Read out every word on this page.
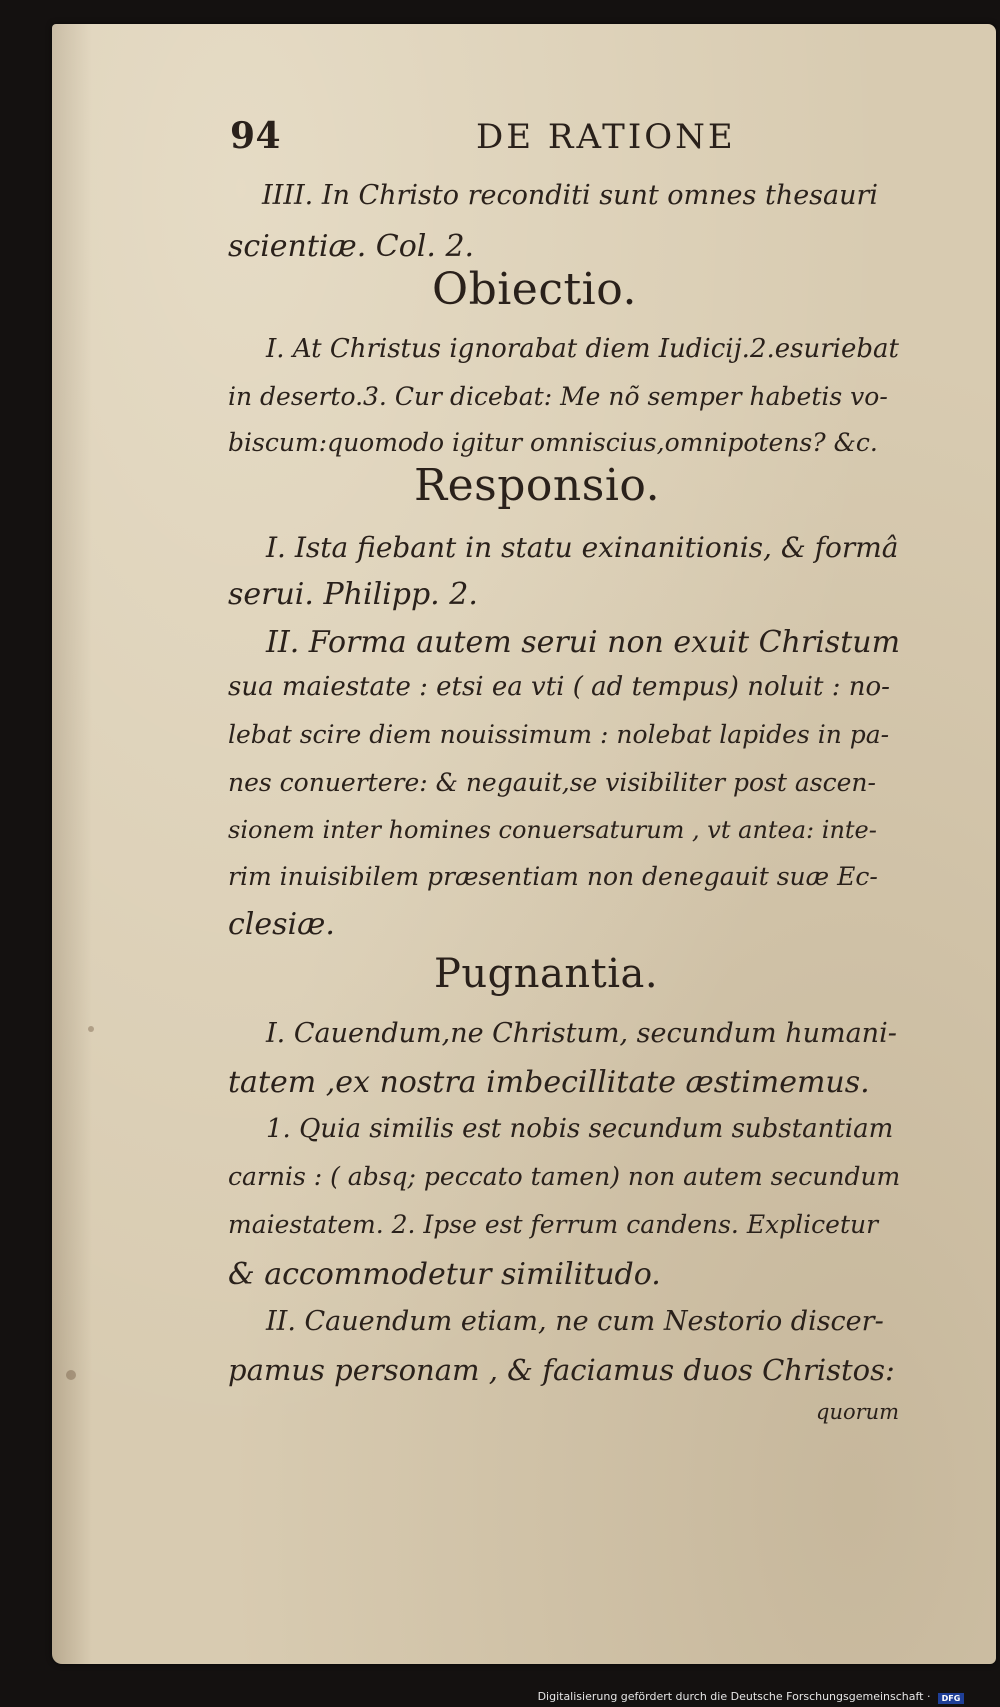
94	DE RATIONE
IIII. In Christo reconditi sunt omnes thesauri
scientiæ. Col. 2.
Obiectio.
I. At Christus ignorabat diem Iudicij.2.esuriebat
in deserto.3. Cur dicebat: Me nõ semper habetis vo-
biscum:quomodo igitur omniscius,omnipotens? &c.
Responsio.
I. Ista fiebant in statu exinanitionis, & formâ
serui. Philipp. 2.
II. Forma autem serui non exuit Christum
sua maiestate : etsi ea vti ( ad tempus) noluit : no-
lebat scire diem nouissimum : nolebat lapides in pa-
nes conuertere: & negauit,se visibiliter post ascen-
sionem inter homines conuersaturum , vt antea: inte-
rim inuisibilem præsentiam non denegauit suæ Ec-
clesiæ.
Pugnantia.
I. Cauendum,ne Christum, secundum humani-
tatem ,ex nostra imbecillitate æstimemus.
1. Quia similis est nobis secundum substantiam
carnis : ( absq; peccato tamen) non autem secundum
maiestatem. 2. Ipse est ferrum candens. Explicetur
& accommodetur similitudo.
II. Cauendum etiam, ne cum Nestorio discer-
pamus personam , & faciamus duos Christos:
quorum
Digitalisierung gefördert durch die Deutsche Forschungsgemeinschaft · DFG
